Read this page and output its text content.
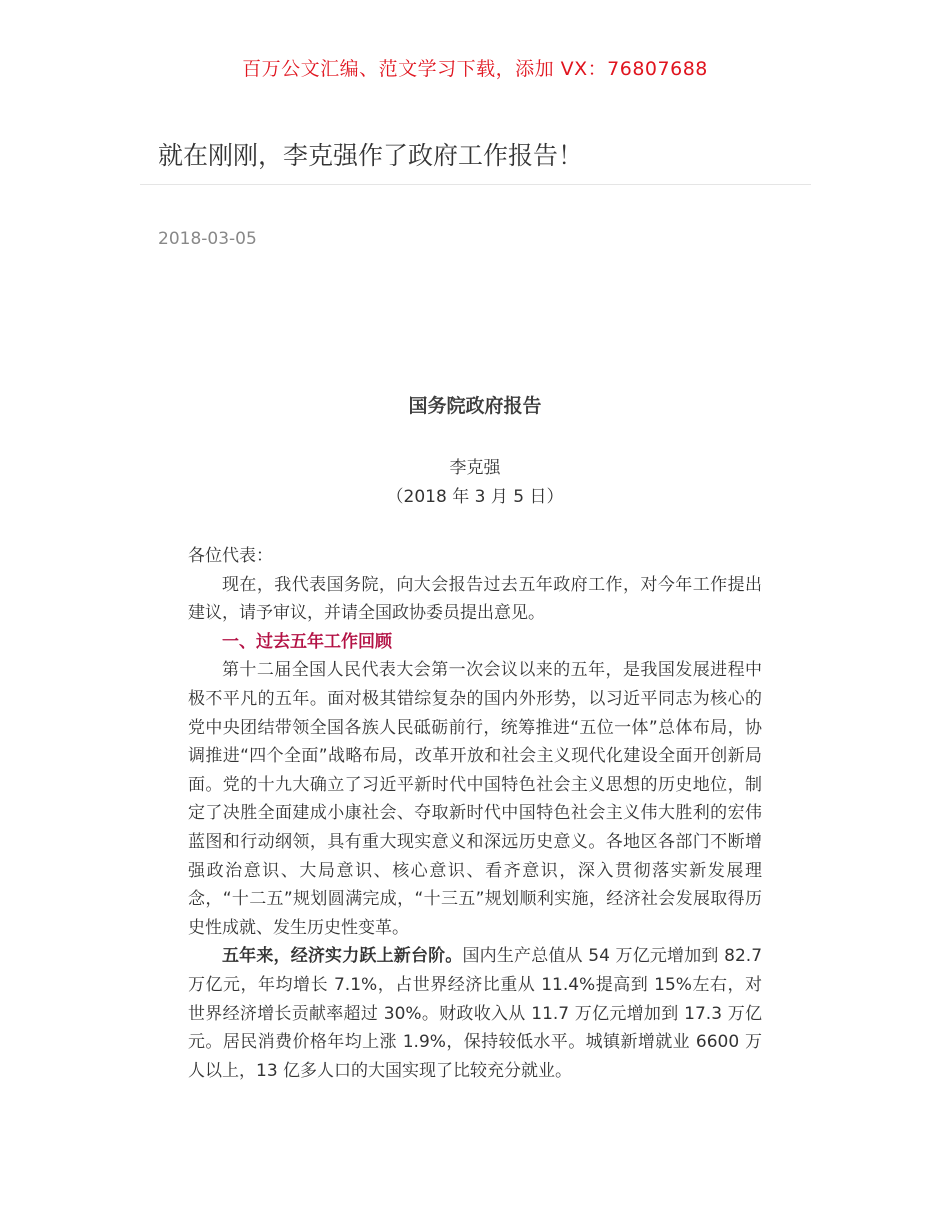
百万公文汇编、范文学习下载，添加 VX：76807688
就在刚刚，李克强作了政府工作报告！
2018-03-05
国务院政府报告
李克强
（2018 年 3 月 5 日）

各位代表：

现在，我代表国务院，向大会报告过去五年政府工作，对今年工作提出建议，请予审议，并请全国政协委员提出意见。

一、过去五年工作回顾

第十二届全国人民代表大会第一次会议以来的五年，是我国发展进程中极不平凡的五年。面对极其错综复杂的国内外形势，以习近平同志为核心的党中央团结带领全国各族人民砥砺前行，统筹推进“五位一体”总体布局，协调推进“四个全面”战略布局，改革开放和社会主义现代化建设全面开创新局面。党的十九大确立了习近平新时代中国特色社会主义思想的历史地位，制定了决胜全面建成小康社会、夺取新时代中国特色社会主义伟大胜利的宏伟蓝图和行动纲领，具有重大现实意义和深远历史意义。各地区各部门不断增强政治意识、大局意识、核心意识、看齐意识，深入贯彻落实新发展理念，“十二五”规划圆满完成，“十三五”规划顺利实施，经济社会发展取得历史性成就、发生历史性变革。

五年来，经济实力跃上新台阶。国内生产总值从 54 万亿元增加到 82.7 万亿元，年均增长 7.1%，占世界经济比重从 11.4%提高到 15%左右，对世界经济增长贡献率超过 30%。财政收入从 11.7 万亿元增加到 17.3 万亿元。居民消费价格年均上涨 1.9%，保持较低水平。城镇新增就业 6600 万人以上，13 亿多人口的大国实现了比较充分就业。
